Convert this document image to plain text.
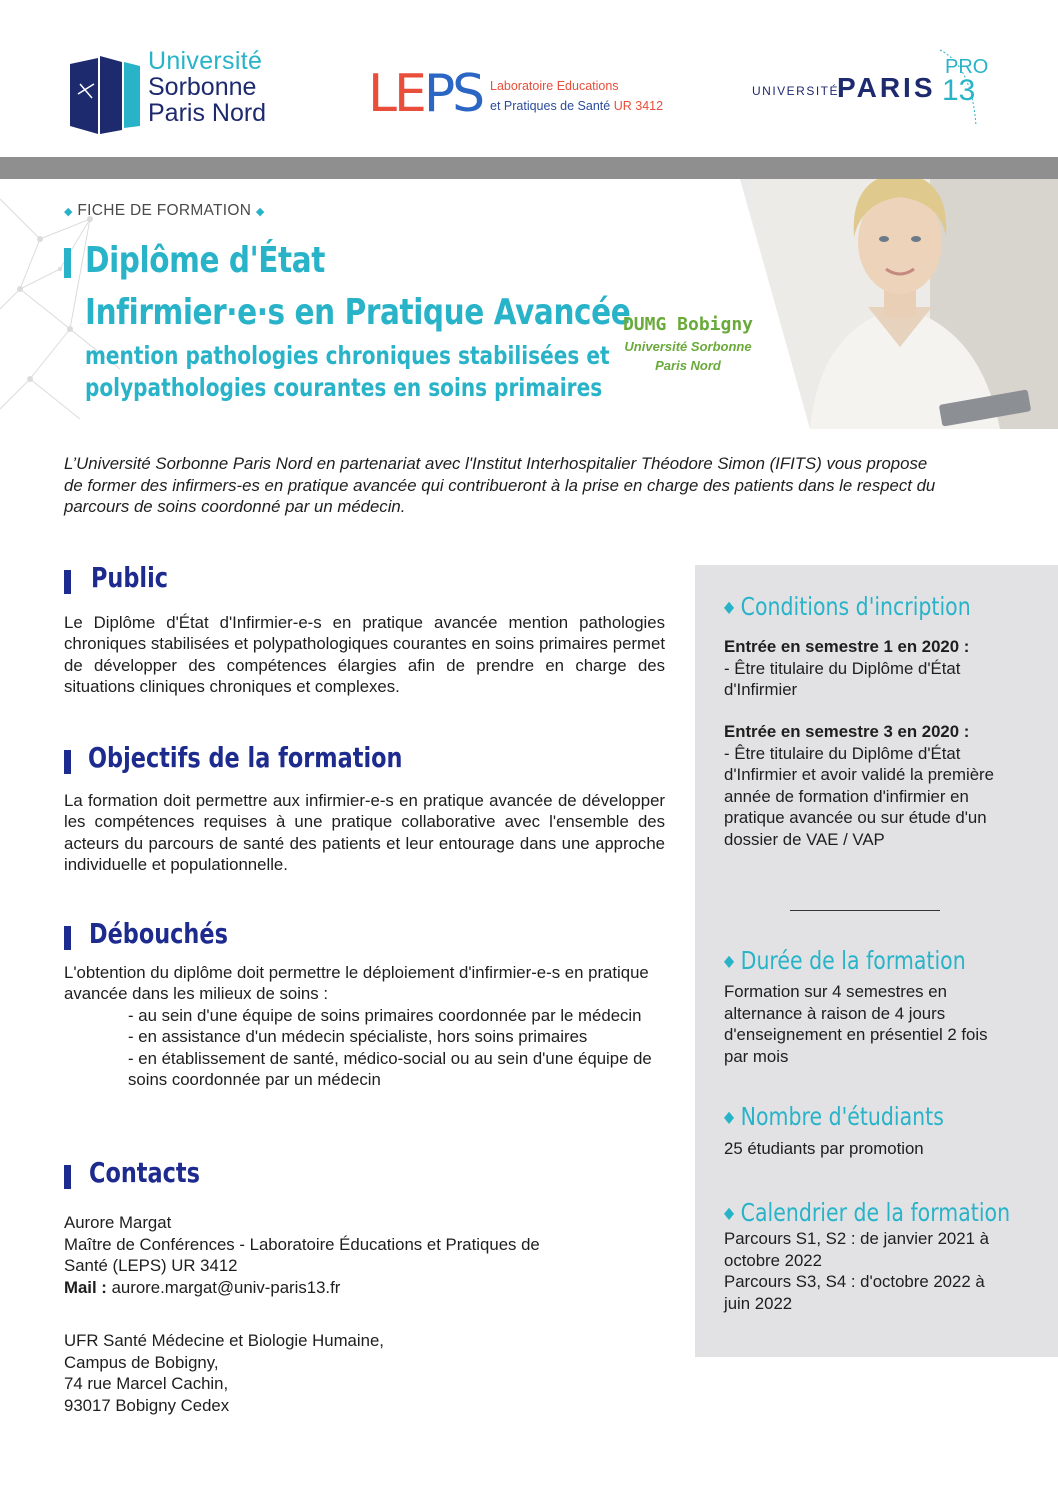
Université
Sorbonne
Paris Nord LEPS Laboratoire Educations
et Pratiques de Santé UR 3412
UNIVERSITÉ
PARIS
PRO
13
◆ FICHE DE FORMATION ◆
Diplôme d'État
Infirmier·e·s en Pratique Avancée
mention pathologies chroniques stabilisées et
polypathologies courantes en soins primaires
DUMG Bobigny
Université Sorbonne
Paris Nord
L’Université Sorbonne Paris Nord en partenariat avec l'Institut Interhospitalier Théodore Simon (IFITS) vous propose
de former des infirmers-es en pratique avancée qui contribueront à la prise en charge des patients dans le respect du
parcours de soins coordonné par un médecin.
Public
Le Diplôme d'État d'Infirmier-e-s en pratique avancée mention pathologies chroniques stabilisées et polypathologiques courantes en soins primaires permet de développer des compétences élargies afin de prendre en charge des situations cliniques chroniques et complexes.
Objectifs de la formation
La formation doit permettre aux infirmier-e-s en pratique avancée de développer les compétences requises à une pratique collaborative avec l'ensemble des acteurs du parcours de santé des patients et leur entourage dans une approche individuelle et populationnelle.
Débouchés
L'obtention du diplôme doit permettre le déploiement d'infirmier-e-s en pratique avancée dans les milieux de soins :
- au sein d'une équipe de soins primaires coordonnée par le médecin
- en assistance d'un médecin spécialiste, hors soins primaires
- en établissement de santé, médico-social ou au sein d'une équipe de soins coordonnée par un médecin
Contacts
Aurore Margat
Maître de Conférences - Laboratoire Éducations et Pratiques de
Santé (LEPS) UR 3412
Mail : aurore.margat@univ-paris13.fr
UFR Santé Médecine et Biologie Humaine,
Campus de Bobigny,
74 rue Marcel Cachin,
93017 Bobigny Cedex
◆ Conditions d'incription
Entrée en semestre 1 en 2020 :
- Être titulaire du Diplôme d'État d'Infirmier
Entrée en semestre 3 en 2020 :
- Être titulaire du Diplôme d'État d'Infirmier et avoir validé la première année de formation d'infirmier en pratique avancée ou sur étude d'un dossier de VAE / VAP
◆ Durée de la formation
Formation sur 4 semestres en alternance à raison de 4 jours d'enseignement en présentiel 2 fois par mois
◆ Nombre d'étudiants
25 étudiants par promotion
◆ Calendrier de la formation
Parcours S1, S2 : de janvier 2021 à octobre 2022
Parcours S3, S4 : d'octobre 2022 à juin 2022
